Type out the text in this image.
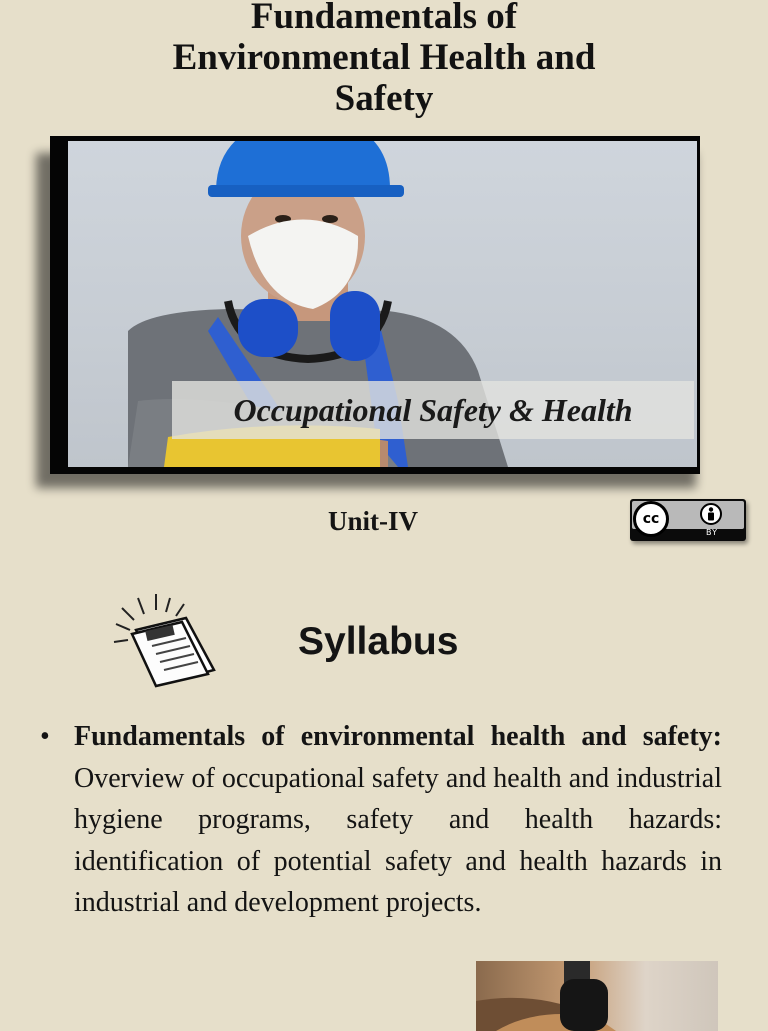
Fundamentals of
Environmental Health and
Safety
Occupational Safety & Health
Unit-IV	cc
BY
Syllabus
• Fundamentals of environmental health and safety: Overview of occupational safety and health and industrial hygiene programs, safety and health hazards: identification of potential safety and health hazards in industrial and development projects.
